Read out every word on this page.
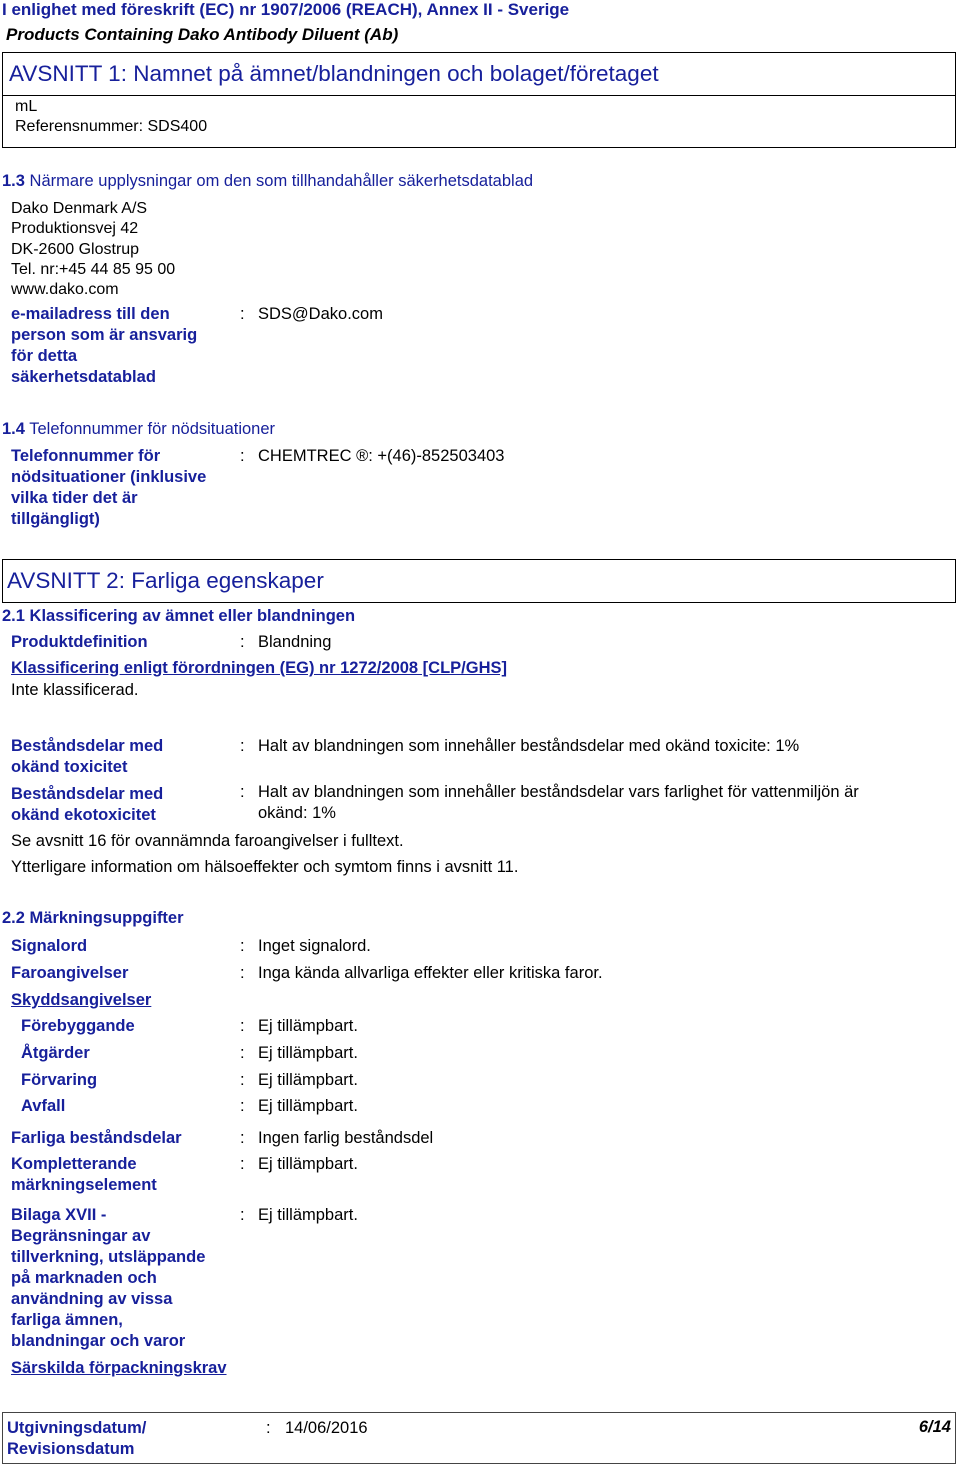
I enlighet med föreskrift (EC) nr 1907/2006 (REACH), Annex II - Sverige
Products Containing Dako Antibody Diluent (Ab)
AVSNITT 1: Namnet på ämnet/blandningen och bolaget/företaget
mL
Referensnummer: SDS400
1.3 Närmare upplysningar om den som tillhandahåller säkerhetsdatablad
Dako Denmark A/S
Produktionsvej 42
DK-2600 Glostrup
Tel. nr:+45 44 85 95 00
www.dako.com
e-mailadress till den
person som är ansvarig
för detta
säkerhetsdatablad
: SDS@Dako.com
1.4 Telefonnummer för nödsituationer
Telefonnummer för
nödsituationer (inklusive
vilka tider det är
tillgängligt)
: CHEMTREC ®: +(46)-852503403
AVSNITT 2: Farliga egenskaper
2.1 Klassificering av ämnet eller blandningen
Produktdefinition	: Blandning
Klassificering enligt förordningen (EG) nr 1272/2008 [CLP/GHS]
Inte klassificerad.
Beståndsdelar med
okänd toxicitet
: Halt av blandningen som innehåller beståndsdelar med okänd toxicite: 1%
Beståndsdelar med
okänd ekotoxicitet
: Halt av blandningen som innehåller beståndsdelar vars farlighet för vattenmiljön är
okänd: 1%
Se avsnitt 16 för ovannämnda faroangivelser i fulltext.
Ytterligare information om hälsoeffekter och symtom finns i avsnitt 11.
2.2 Märkningsuppgifter
Signalord	: Inget signalord.
Faroangivelser	: Inga kända allvarliga effekter eller kritiska faror.
Skyddsangivelser
Förebyggande	: Ej tillämpbart.
Åtgärder	: Ej tillämpbart.
Förvaring	: Ej tillämpbart.
Avfall	: Ej tillämpbart.
Farliga beståndsdelar	: Ingen farlig beståndsdel
Kompletterande
märkningselement
: Ej tillämpbart.
Bilaga XVII -
Begränsningar av
tillverkning, utsläppande
på marknaden och
användning av vissa
farliga ämnen,
blandningar och varor
: Ej tillämpbart.
Särskilda förpackningskrav
Utgivningsdatum/
Revisionsdatum
: 14/06/2016	6/14
